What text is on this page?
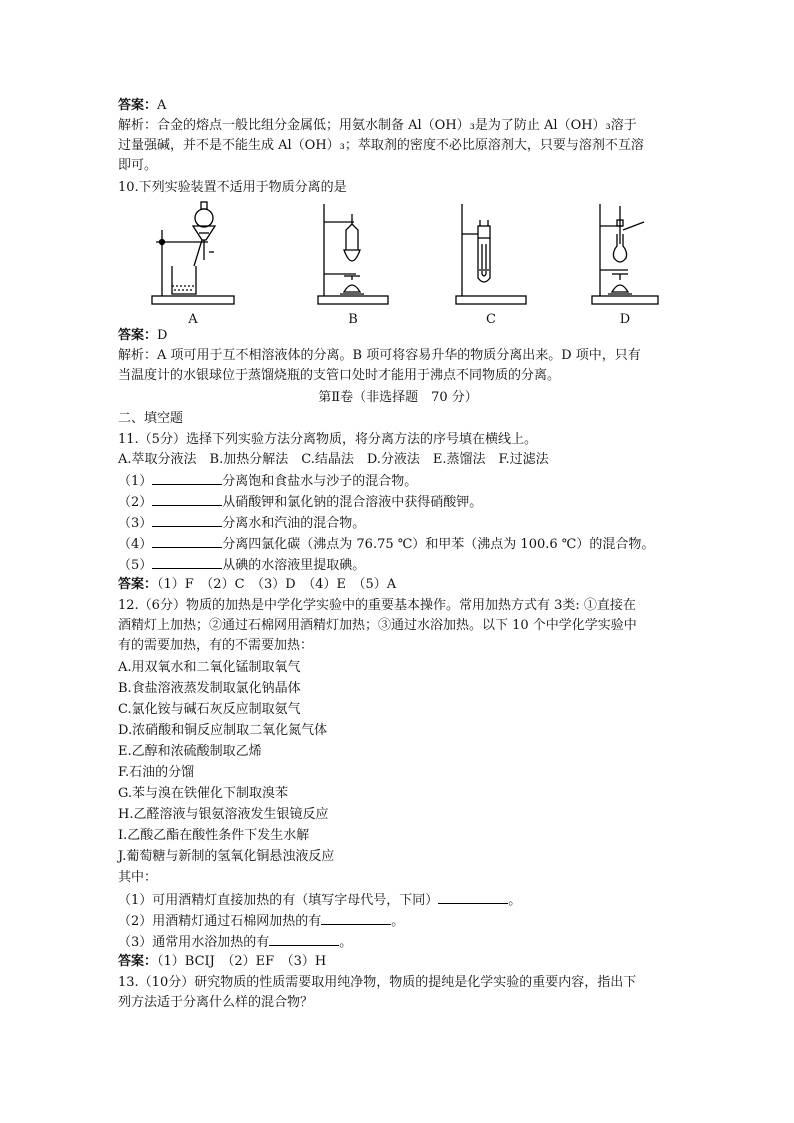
答案：A
解析：合金的熔点一般比组分金属低；用氨水制备 Al（OH）₃是为了防止 Al（OH）₃溶于
过量强碱，并不是不能生成 Al（OH）₃；萃取剂的密度不必比原溶剂大，只要与溶剂不互溶
即可。
10.下列实验装置不适用于物质分离的是
A	B	C	D
答案：D
解析：A 项可用于互不相溶液体的分离。B 项可将容易升华的物质分离出来。D 项中，只有
当温度计的水银球位于蒸馏烧瓶的支管口处时才能用于沸点不同物质的分离。
第Ⅱ卷（非选择题　70 分）
二、填空题
11.（5分）选择下列实验方法分离物质，将分离方法的序号填在横线上。
A.萃取分液法　B.加热分解法　C.结晶法　D.分液法　E.蒸馏法　F.过滤法
（1）	分离饱和食盐水与沙子的混合物。
（2）	从硝酸钾和氯化钠的混合溶液中获得硝酸钾。
（3）	分离水和汽油的混合物。
（4）	分离四氯化碳（沸点为 76.75 ℃）和甲苯（沸点为 100.6 ℃）的混合物。
（5）	从碘的水溶液里提取碘。
答案：（1）F　（2）C　（3）D　（4）E　（5）A
12.（6分）物质的加热是中学化学实验中的重要基本操作。常用加热方式有 3类: ①直接在
酒精灯上加热；②通过石棉网用酒精灯加热；③通过水浴加热。以下 10 个中学化学实验中
有的需要加热，有的不需要加热：
A.用双氧水和二氧化锰制取氧气
B.食盐溶液蒸发制取氯化钠晶体
C.氯化铵与碱石灰反应制取氨气
D.浓硝酸和铜反应制取二氧化氮气体
E.乙醇和浓硫酸制取乙烯
F.石油的分馏
G.苯与溴在铁催化下制取溴苯
H.乙醛溶液与银氨溶液发生银镜反应
I.乙酸乙酯在酸性条件下发生水解
J.葡萄糖与新制的氢氧化铜悬浊液反应
其中：
（1）可用酒精灯直接加热的有（填写字母代号，下同）	。
（2）用酒精灯通过石棉网加热的有	。
（3）通常用水浴加热的有	。
答案：（1）BCIJ　（2）EF　（3）H
13.（10分）研究物质的性质需要取用纯净物，物质的提纯是化学实验的重要内容，指出下
列方法适于分离什么样的混合物？
